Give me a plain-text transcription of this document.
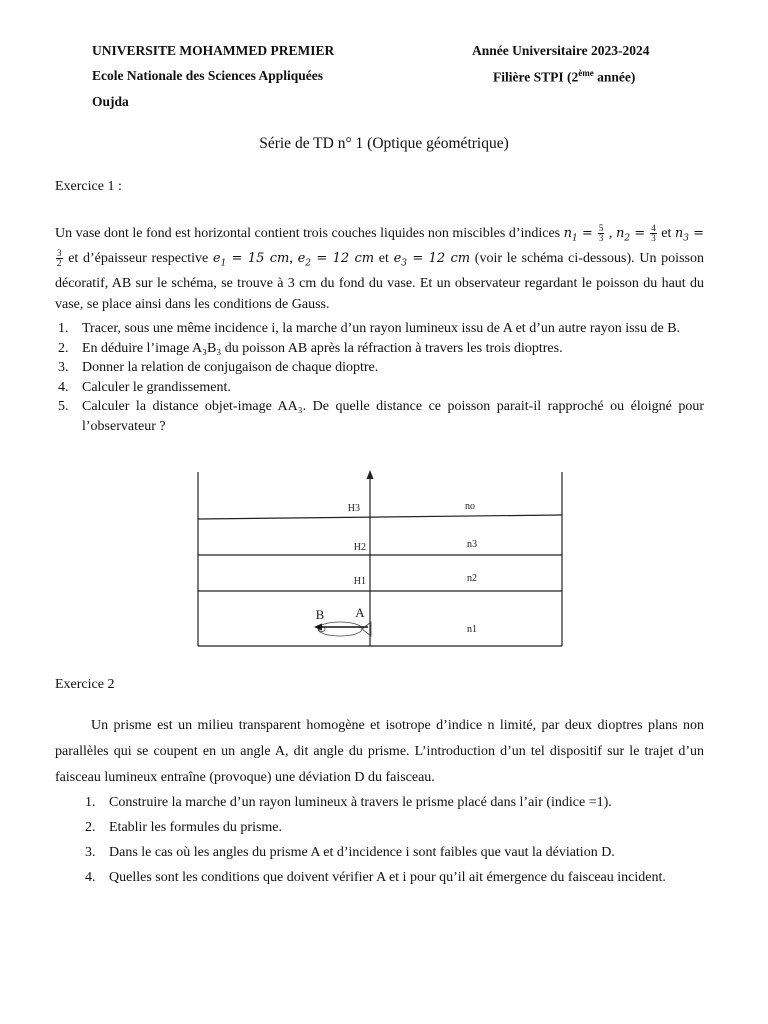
UNIVERSITE MOHAMMED PREMIER
Ecole Nationale des Sciences Appliquées
Oujda
Année Universitaire 2023-2024
Filière STPI (2ème année)
Série de TD n° 1 (Optique géométrique)
Exercice 1 :
Un vase dont le fond est horizontal contient trois couches liquides non miscibles d’indices $n_1 = \frac{5}{3}$ , $n_2 = \frac{4}{3}$ et $n_3$ =
$\frac{3}{2}$ et d’épaisseur respective $e_1 = 15$ cm, $e_2 = 12$ cm et $e_3 = 12$ cm (voir le schéma ci-dessous). Un poisson décoratif, AB sur le schéma, se trouve à 3 cm du fond du vase. Et un observateur regardant le poisson du haut du vase, se place ainsi dans les conditions de Gauss.
1. Tracer, sous une même incidence i, la marche d’un rayon lumineux issu de A et d’un autre rayon issu de B.
2. En déduire l’image A₃B₃ du poisson AB après la réfraction à travers les trois dioptres.
3. Donner la relation de conjugaison de chaque dioptre.
4. Calculer le grandissement.
5. Calculer la distance objet-image AA₃. De quelle distance ce poisson parait-il rapproché ou éloigné pour l’observateur ?
H3
H2
H1
no
n3
n2
n1
B A
Exercice 2
Un prisme est un milieu transparent homogène et isotrope d’indice n limité, par deux dioptres plans non parallèles qui se coupent en un angle A, dit angle du prisme. L’introduction d’un tel dispositif sur le trajet d’un faisceau lumineux entraîne (provoque) une déviation D du faisceau.
1. Construire la marche d’un rayon lumineux à travers le prisme placé dans l’air (indice =1).
2. Etablir les formules du prisme.
3. Dans le cas où les angles du prisme A et d’incidence i sont faibles que vaut la déviation D.
4. Quelles sont les conditions que doivent vérifier A et i pour qu’il ait émergence du faisceau incident.
